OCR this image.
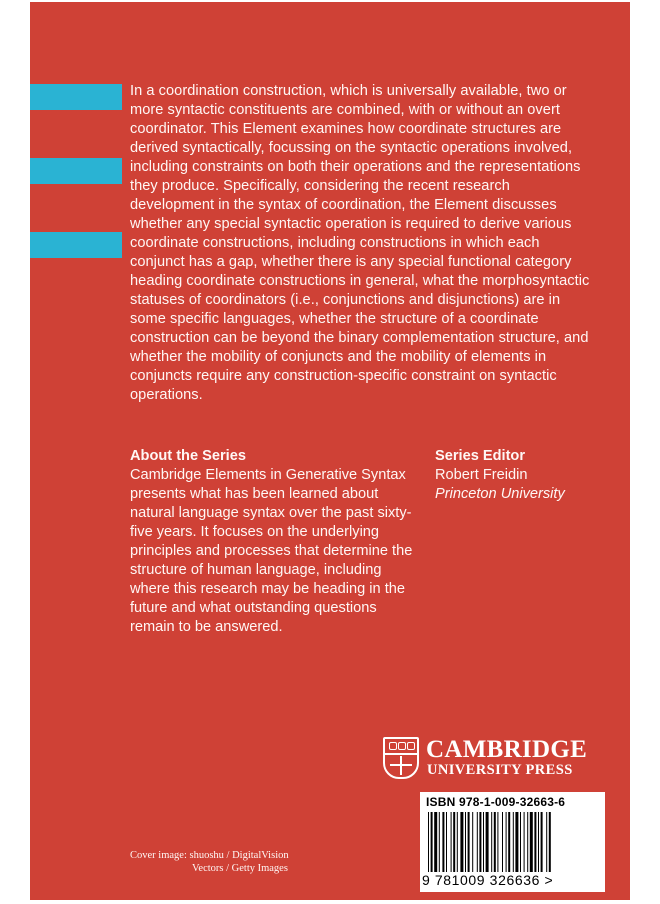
In a coordination construction, which is universally available, two or more syntactic constituents are combined, with or without an overt coordinator. This Element examines how coordinate structures are derived syntactically, focussing on the syntactic operations involved, including constraints on both their operations and the representations they produce. Specifically, considering the recent research development in the syntax of coordination, the Element discusses whether any special syntactic operation is required to derive various coordinate constructions, including constructions in which each conjunct has a gap, whether there is any special functional category heading coordinate constructions in general, what the morphosyntactic statuses of coordinators (i.e., conjunctions and disjunctions) are in some specific languages, whether the structure of a coordinate construction can be beyond the binary complementation structure, and whether the mobility of conjuncts and the mobility of elements in conjuncts require any construction-specific constraint on syntactic operations.

About the Series

Cambridge Elements in Generative Syntax presents what has been learned about natural language syntax over the past sixty-five years. It focuses on the underlying principles and processes that determine the structure of human language, including where this research may be heading in the future and what outstanding questions remain to be answered.

Series Editor

Robert Freidin

Princeton University

CAMBRIDGE

UNIVERSITY PRESS

ISBN 978-1-009-32663-6

9 781009 326636 >

Cover image: shuoshu / DigitalVision
Vectors / Getty Images
